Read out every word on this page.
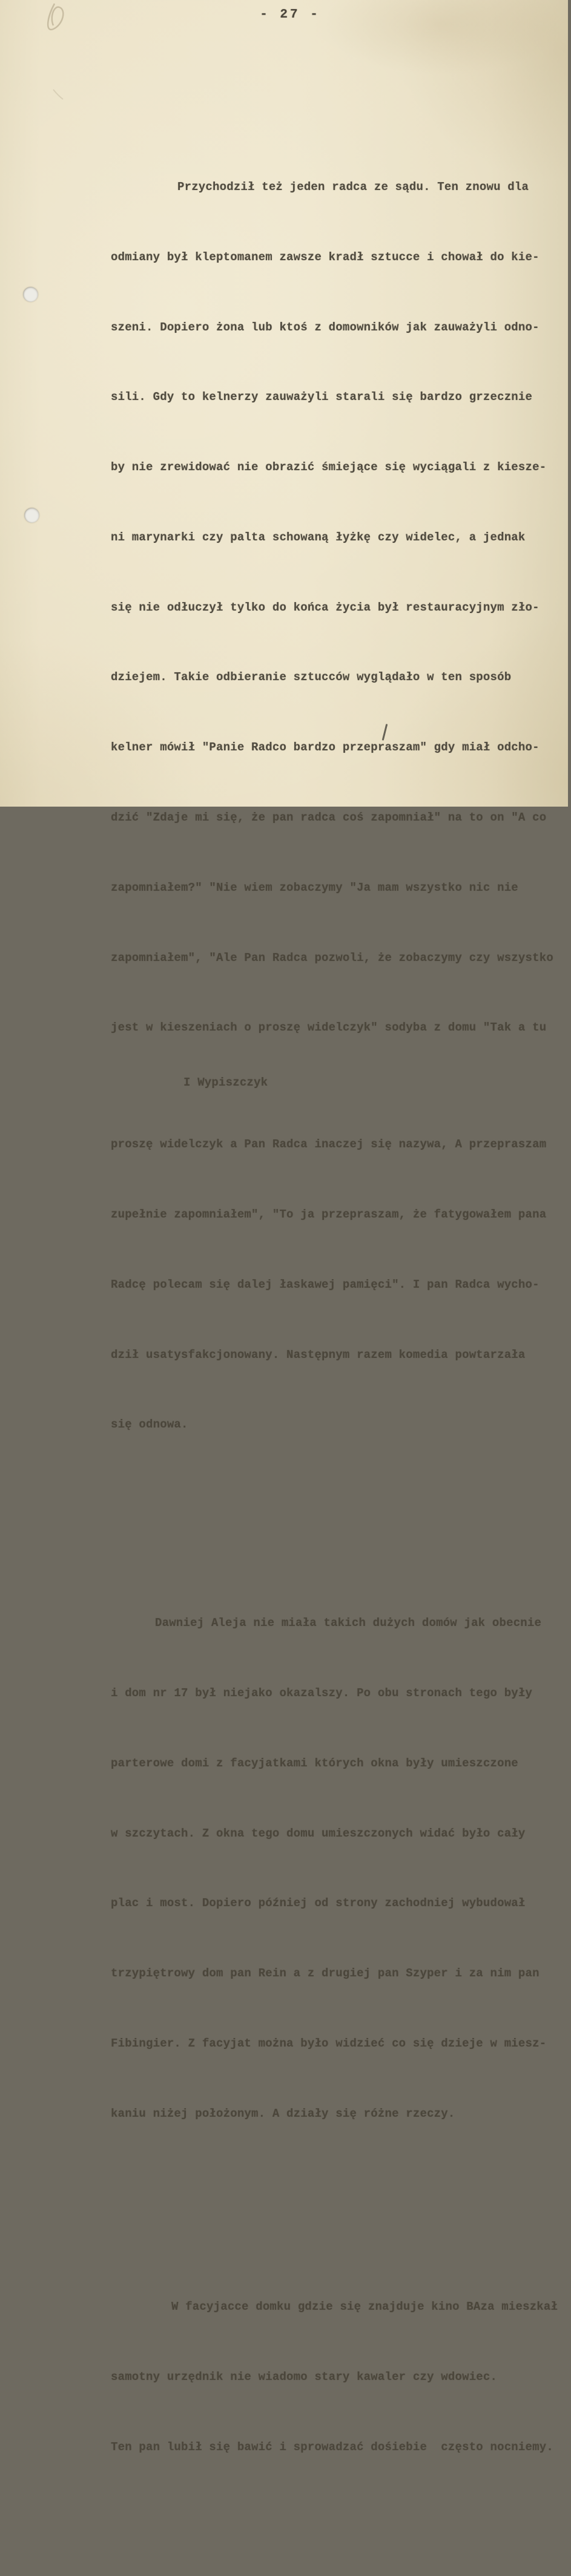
- 27 -

Przychodził też jeden radca ze sądu. Ten znowu dla

odmiany był kleptomanem zawsze kradł sztucce i chował do kie-

szeni. Dopiero żona lub ktoś z domowników jak zauważyli odno-

sili. Gdy to kelnerzy zauważyli starali się bardzo grzecznie

by nie zrewidować nie obrazić śmiejące się wyciągali z kiesze-

ni marynarki czy palta schowaną łyżkę czy widelec, a jednak

się nie odłuczył tylko do końca życia był restauracyjnym zło-

dziejem. Takie odbieranie sztucców wyglądało w ten sposób

kelner mówił "Panie Radco bardzo przepraszam" gdy miał odcho-

dzić "Zdaje mi się, że pan radca coś zapomniał" na to on "A co

zapomniałem?" "Nie wiem zobaczymy "Ja mam wszystko nic nie

zapomniałem", "Ale Pan Radca pozwoli, że zobaczymy czy wszystko

jest w kieszeniach o proszę widelczyk" sodyba z domu "Tak a tu

I Wypiszczyk

proszę widelczyk a Pan Radca inaczej się nazywa, A przepraszam

zupełnie zapomniałem", "To ja przepraszam, że fatygowałem pana

Radcę polecam się dalej łaskawej pamięci". I pan Radca wycho-

dził usatysfakcjonowany. Następnym razem komedia powtarzała

się odnowa.

Dawniej Aleja nie miała takich dużych domów jak obecnie

i dom nr 17 był niejako okazalszy. Po obu stronach tego były

parterowe domi z facyjatkami których okna były umieszczone

w szczytach. Z okna tego domu umieszczonych widać było cały

plac i most. Dopiero później od strony zachodniej wybudował

trzypiętrowy dom pan Rein a z drugiej pan Szyper i za nim pan

Fibingier. Z facyjat można było widzieć co się dzieje w miesz-

kaniu niżej położonym. A działy się różne rzeczy.

W facyjacce domku gdzie się znajduje kino BAza mieszkał

samotny urzędnik nie wiadomo stary kawaler czy wdowiec.

Ten pan lubił się bawić i sprowadzać dośiebie  często nocniemy.
